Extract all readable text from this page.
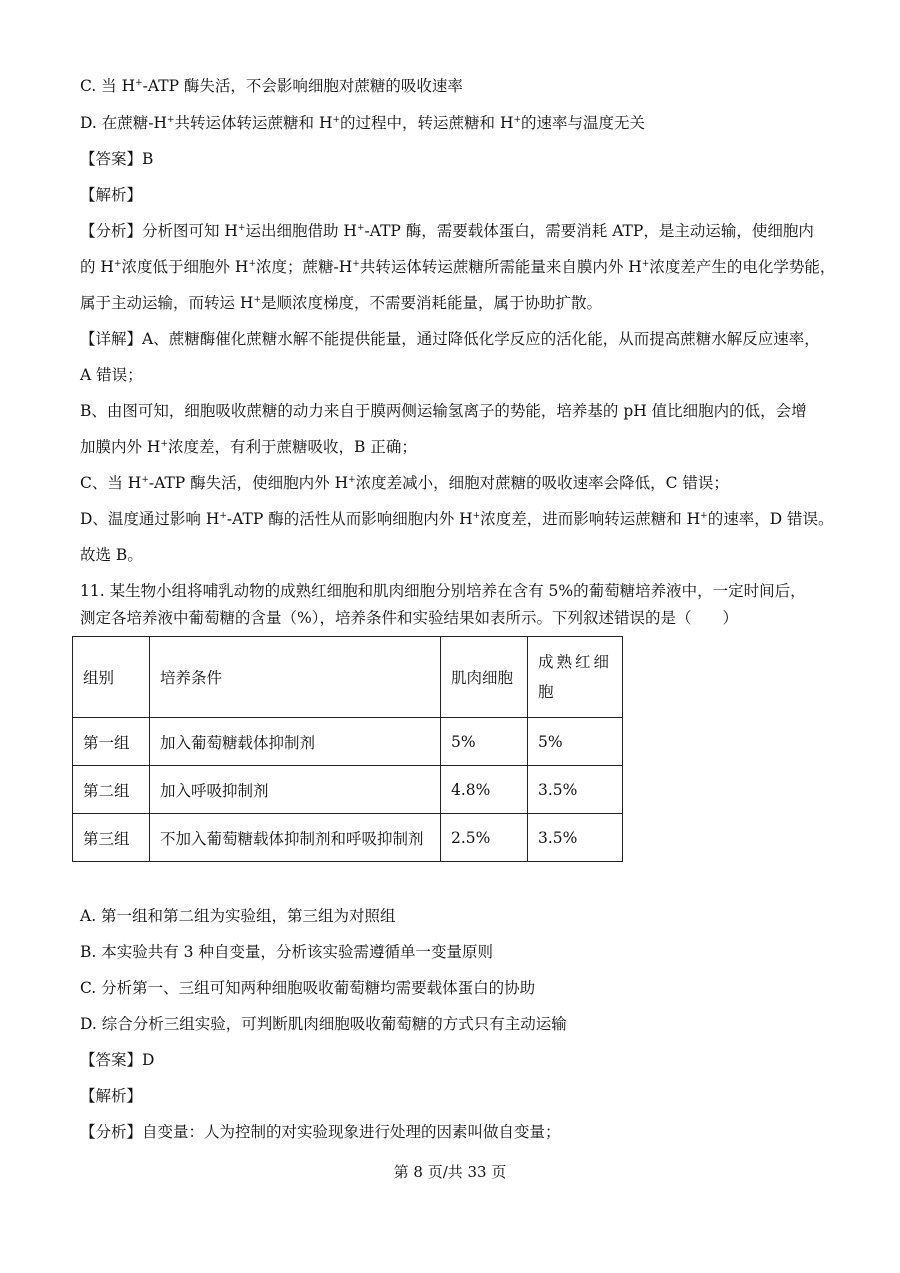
C. 当 H+-ATP 酶失活，不会影响细胞对蔗糖的吸收速率
D. 在蔗糖-H+共转运体转运蔗糖和 H+的过程中，转运蔗糖和 H+的速率与温度无关
【答案】B
【解析】
【分析】分析图可知 H+运出细胞借助 H+-ATP 酶，需要载体蛋白，需要消耗 ATP，是主动运输，使细胞内
的 H+浓度低于细胞外 H+浓度；蔗糖-H+共转运体转运蔗糖所需能量来自膜内外 H+浓度差产生的电化学势能，
属于主动运输，而转运 H+是顺浓度梯度，不需要消耗能量，属于协助扩散。
【详解】A、蔗糖酶催化蔗糖水解不能提供能量，通过降低化学反应的活化能，从而提高蔗糖水解反应速率，
A 错误；
B、由图可知，细胞吸收蔗糖的动力来自于膜两侧运输氢离子的势能，培养基的 pH 值比细胞内的低，会增
加膜内外 H+浓度差，有利于蔗糖吸收，B 正确；
C、当 H+-ATP 酶失活，使细胞内外 H+浓度差减小，细胞对蔗糖的吸收速率会降低，C 错误；
D、温度通过影响 H+-ATP 酶的活性从而影响细胞内外 H+浓度差，进而影响转运蔗糖和 H+的速率，D 错误。
故选 B。
11. 某生物小组将哺乳动物的成熟红细胞和肌肉细胞分别培养在含有 5%的葡萄糖培养液中，一定时间后，
测定各培养液中葡萄糖的含量（%），培养条件和实验结果如表所示。下列叙述错误的是（　　）
组别	培养条件	肌肉细胞	成熟红细胞
第一组	加入葡萄糖载体抑制剂	5%	5%
第二组	加入呼吸抑制剂	4.8%	3.5%
第三组	不加入葡萄糖载体抑制剂和呼吸抑制剂	2.5%	3.5%
A. 第一组和第二组为实验组，第三组为对照组
B. 本实验共有 3 种自变量，分析该实验需遵循单一变量原则
C. 分析第一、三组可知两种细胞吸收葡萄糖均需要载体蛋白的协助
D. 综合分析三组实验，可判断肌肉细胞吸收葡萄糖的方式只有主动运输
【答案】D
【解析】
【分析】自变量：人为控制的对实验现象进行处理的因素叫做自变量；
第 8 页/共 33 页
